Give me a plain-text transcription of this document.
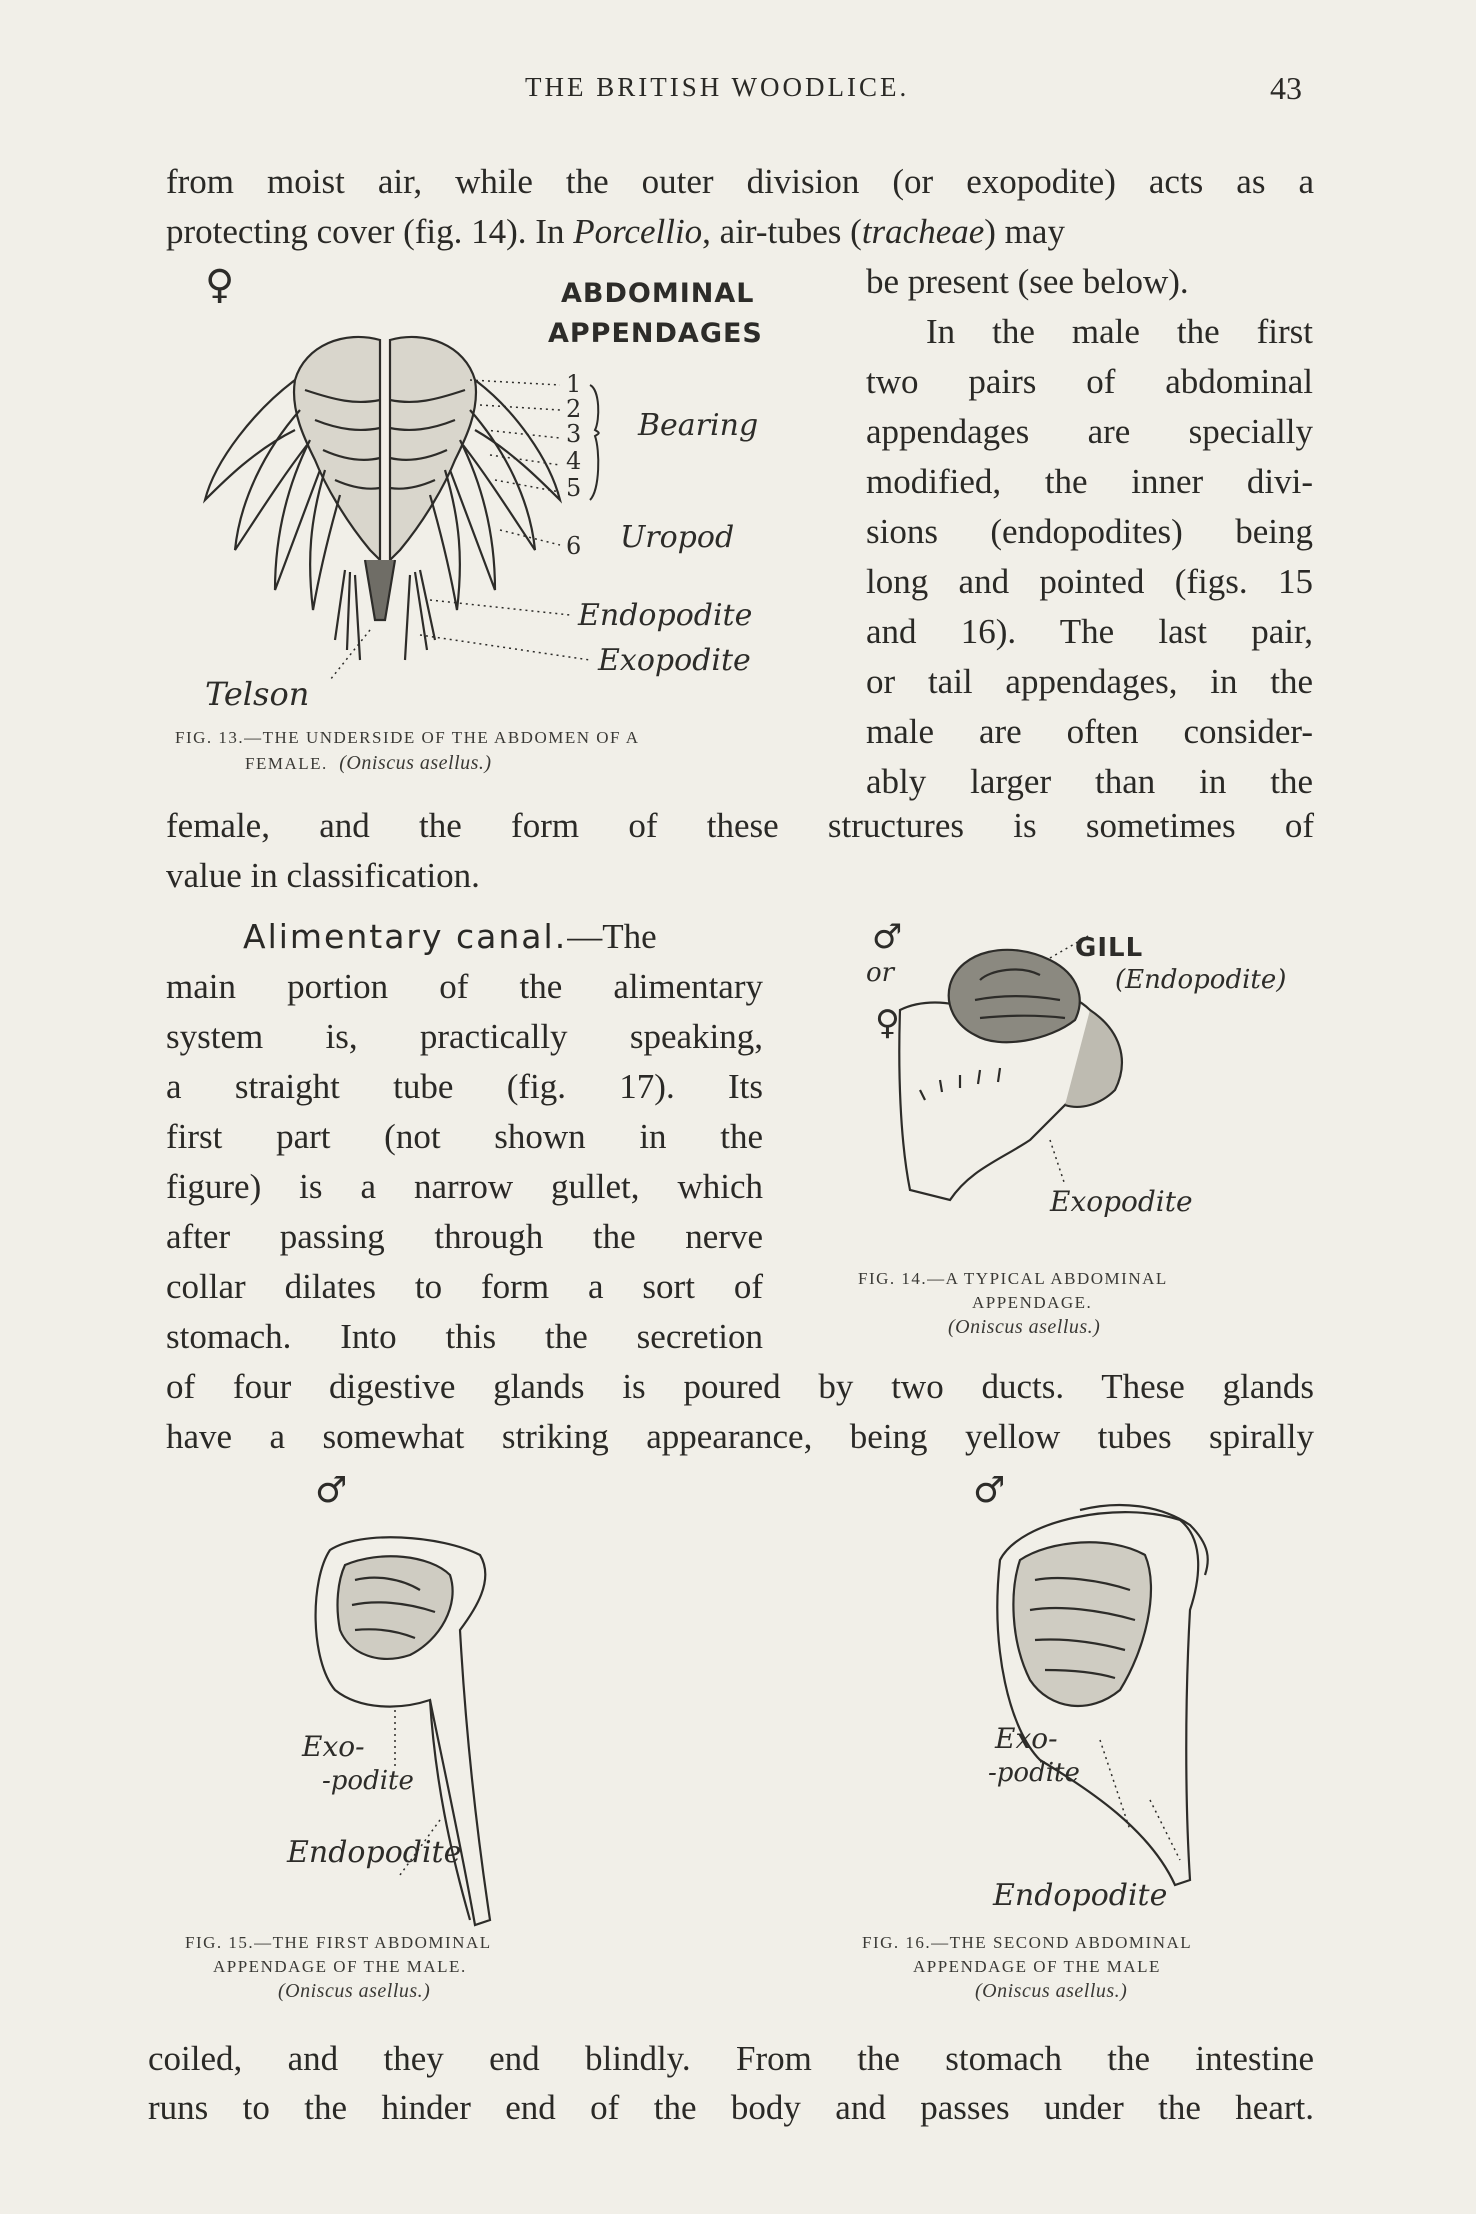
THE BRITISH WOODLICE.	43
from moist air, while the outer division (or exopodite) acts as a
protecting cover (fig. 14). In Porcellio, air-tubes (tracheae) may
be present (see below).
In the male the first
two pairs of abdominal
appendages are specially
modified, the inner divi-
sions (endopodites) being
long and pointed (figs. 15
and 16). The last pair,
or tail appendages, in the
male are often consider-
ably larger than in the
♀	ABDOMINAL
APPENDAGES
1
2
3
4
5
6
Bearing
Uropod
Endopodite
Exopodite
Telson
FIG. 13.—THE UNDERSIDE OF THE ABDOMEN OF A
FEMALE. (Oniscus asellus.)
female, and the form of these structures is sometimes of
value in classification.
Alimentary canal.—The
main portion of the alimentary
system is, practically speaking,
a straight tube (fig. 17). Its
first part (not shown in the
figure) is a narrow gullet, which
after passing through the nerve
collar dilates to form a sort of
stomach. Into this the secretion
♂
or
♀
GILL
(Endopodite)
Exopodite
FIG. 14.—A TYPICAL ABDOMINAL
APPENDAGE.
(Oniscus asellus.)
of four digestive glands is poured by two ducts. These glands
have a somewhat striking appearance, being yellow tubes spirally
♂
Exo-
-podite
Endopodite
FIG. 15.—THE FIRST ABDOMINAL
APPENDAGE OF THE MALE.
(Oniscus asellus.)
♂
Exo-
-podite
Endopodite
FIG. 16.—THE SECOND ABDOMINAL
APPENDAGE OF THE MALE
(Oniscus asellus.)
coiled, and they end blindly. From the stomach the intestine
runs to the hinder end of the body and passes under the heart.
